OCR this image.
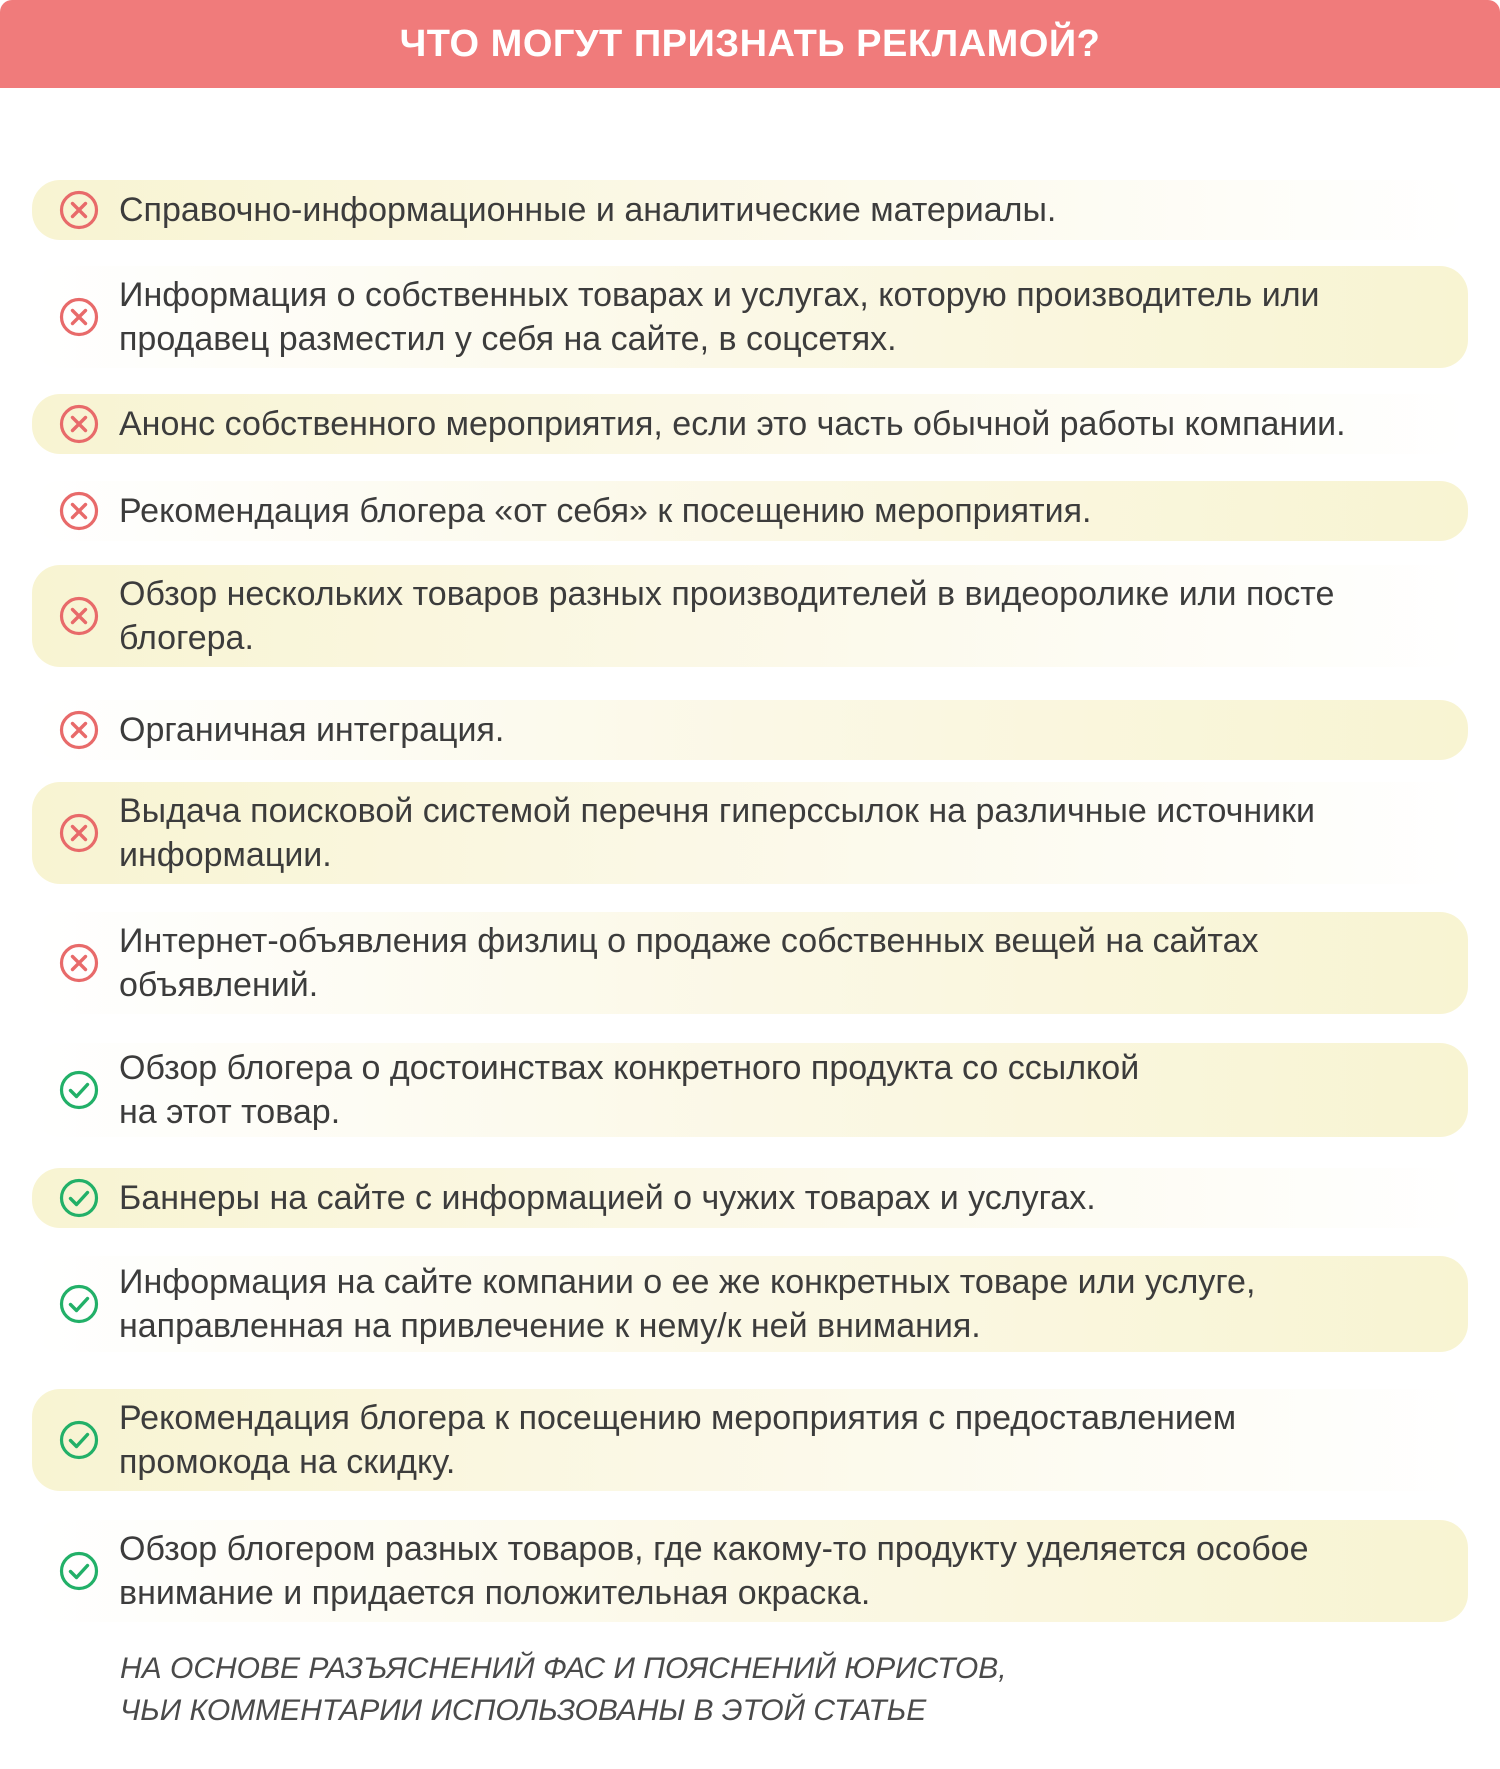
ЧТО МОГУТ ПРИЗНАТЬ РЕКЛАМОЙ?
Справочно-информационные и аналитические материалы.
Информация о собственных товарах и услугах, которую производитель или
продавец разместил у себя на сайте, в соцсетях.
Анонс собственного мероприятия, если это часть обычной работы компании.
Рекомендация блогера «от себя» к посещению мероприятия.
Обзор нескольких товаров разных производителей в видеоролике или посте
блогера.
Органичная интеграция.
Выдача поисковой системой перечня гиперссылок на различные источники
информации.
Интернет-объявления физлиц о продаже собственных вещей на сайтах
объявлений.
Обзор блогера о достоинствах конкретного продукта со ссылкой
на этот товар.
Баннеры на сайте с информацией о чужих товарах и услугах.
Информация на сайте компании о ее же конкретных товаре или услуге,
направленная на привлечение к нему/к ней внимания.
Рекомендация блогера к посещению мероприятия с предоставлением
промокода на скидку.
Обзор блогером разных товаров, где какому-то продукту уделяется особое
внимание и придается положительная окраска.
НА ОСНОВЕ РАЗЪЯСНЕНИЙ ФАС И ПОЯСНЕНИЙ ЮРИСТОВ,
ЧЬИ КОММЕНТАРИИ ИСПОЛЬЗОВАНЫ В ЭТОЙ СТАТЬЕ
